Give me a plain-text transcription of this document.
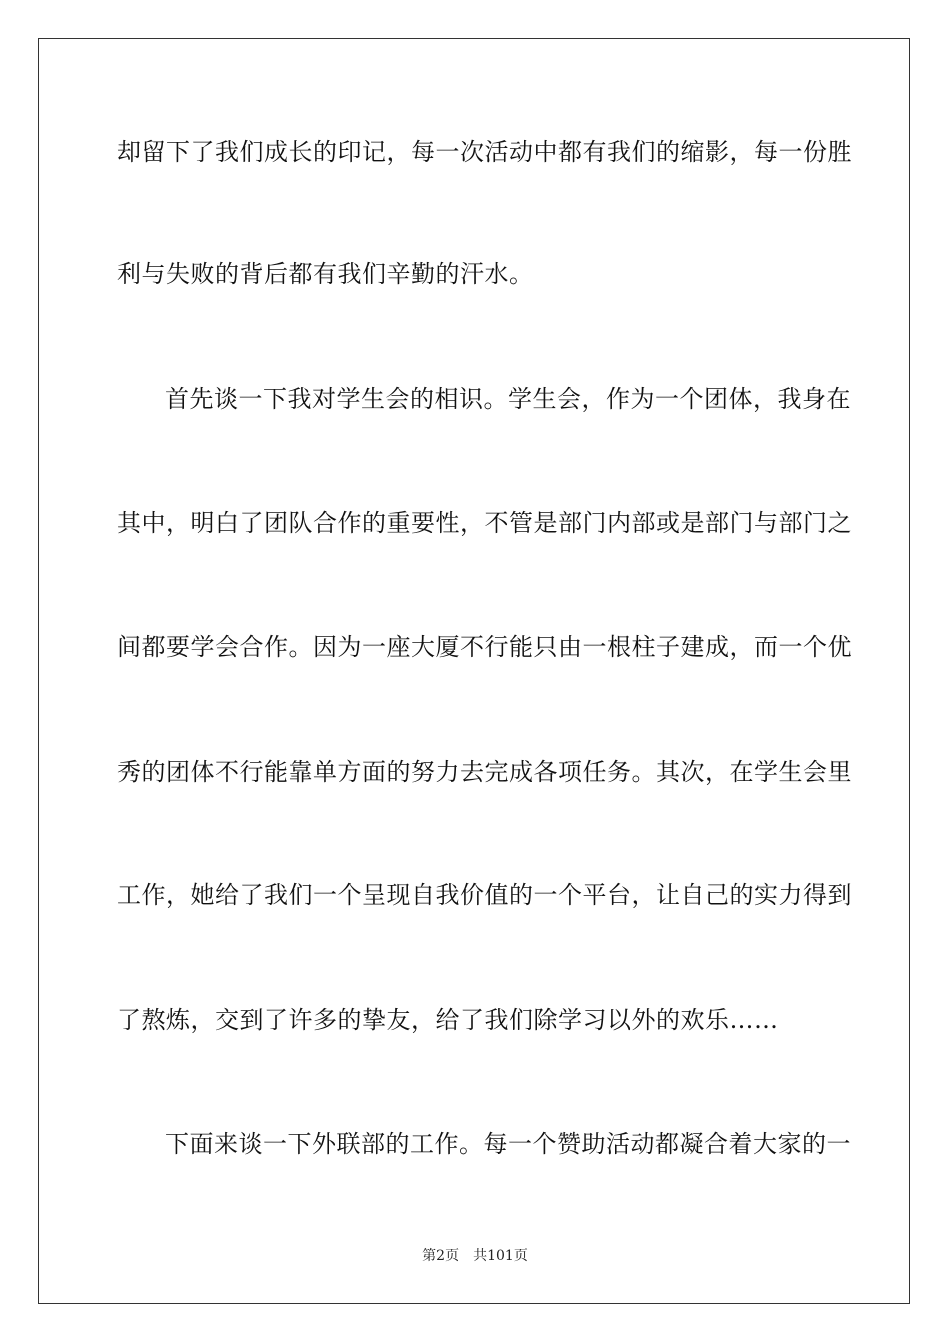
却留下了我们成长的印记，每一次活动中都有我们的缩影，每一份胜
利与失败的背后都有我们辛勤的汗水。
首先谈一下我对学生会的相识。学生会，作为一个团体，我身在
其中，明白了团队合作的重要性，不管是部门内部或是部门与部门之
间都要学会合作。因为一座大厦不行能只由一根柱子建成，而一个优
秀的团体不行能靠单方面的努力去完成各项任务。其次，在学生会里
工作，她给了我们一个呈现自我价值的一个平台，让自己的实力得到
了熬炼，交到了许多的挚友，给了我们除学习以外的欢乐……
下面来谈一下外联部的工作。每一个赞助活动都凝合着大家的一
第2页 共101页
